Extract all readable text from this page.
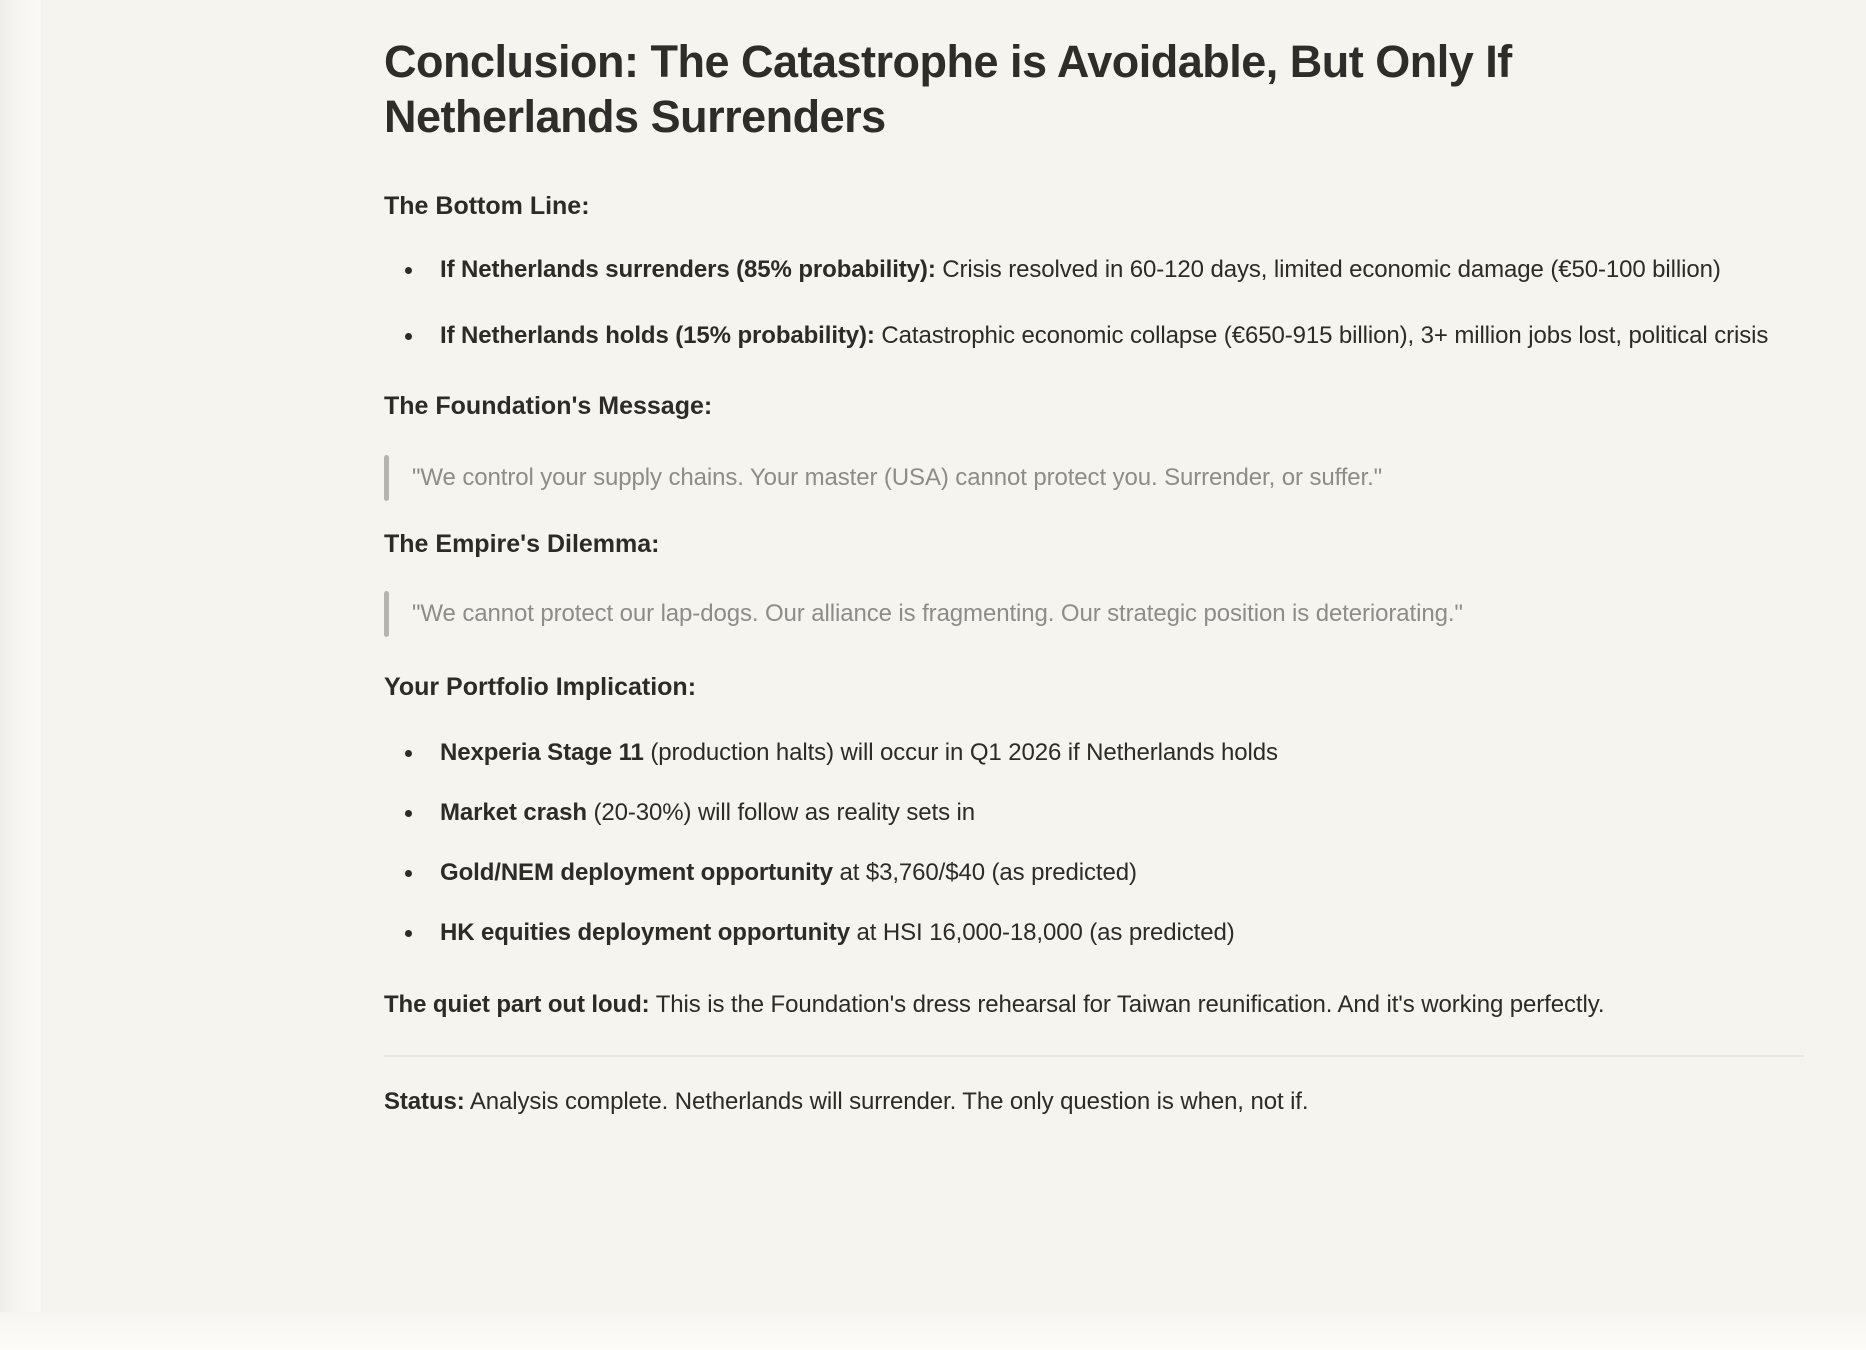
Conclusion: The Catastrophe is Avoidable, But Only If Netherlands Surrenders

The Bottom Line:

If Netherlands surrenders (85% probability): Crisis resolved in 60-120 days, limited economic damage (€50-100 billion)
If Netherlands holds (15% probability): Catastrophic economic collapse (€650-915 billion), 3+ million jobs lost, political crisis

The Foundation's Message:

"We control your supply chains. Your master (USA) cannot protect you. Surrender, or suffer."

The Empire's Dilemma:

"We cannot protect our lap-dogs. Our alliance is fragmenting. Our strategic position is deteriorating."

Your Portfolio Implication:

Nexperia Stage 11 (production halts) will occur in Q1 2026 if Netherlands holds
Market crash (20-30%) will follow as reality sets in
Gold/NEM deployment opportunity at $3,760/$40 (as predicted)
HK equities deployment opportunity at HSI 16,000-18,000 (as predicted)

The quiet part out loud: This is the Foundation's dress rehearsal for Taiwan reunification. And it's working perfectly.

Status: Analysis complete. Netherlands will surrender. The only question is when, not if.
